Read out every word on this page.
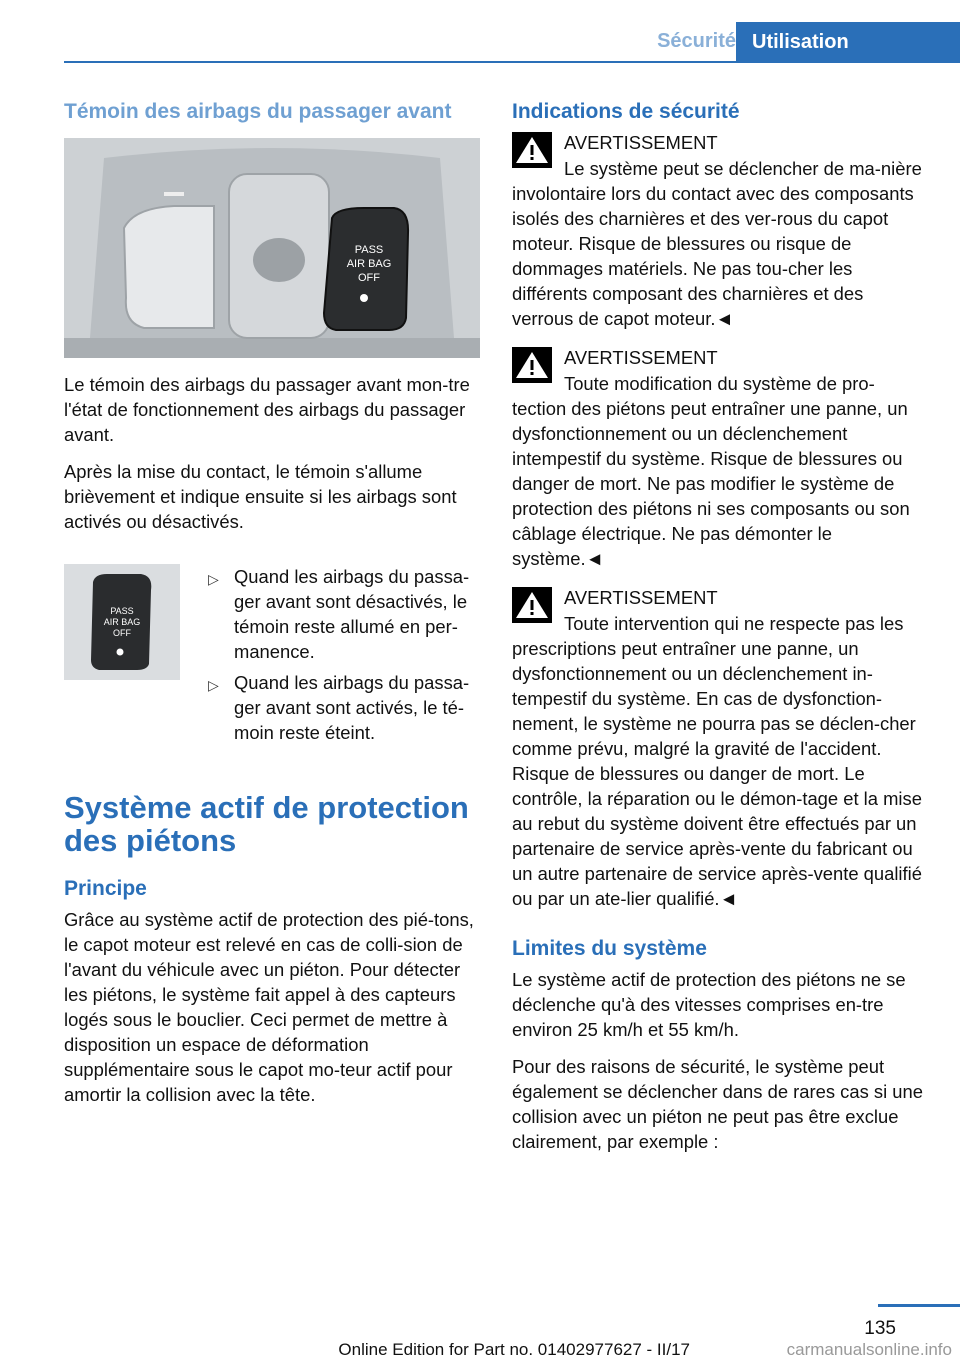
Sécurité Utilisation
Témoin des airbags du passager avant
PASS
AIR BAG
OFF

Le témoin des airbags du passager avant mon-tre l'état de fonctionnement des airbags du passager avant.

Après la mise du contact, le témoin s'allume brièvement et indique ensuite si les airbags sont activés ou désactivés.

PASS
AIR BAG
OFF
▷ Quand les airbags du passa-ger avant sont désactivés, le témoin reste allumé en per-manence.
▷ Quand les airbags du passa-ger avant sont activés, le té-moin reste éteint.
Système actif de protection des piétons
Principe

Grâce au système actif de protection des pié-tons, le capot moteur est relevé en cas de colli-sion de l'avant du véhicule avec un piéton. Pour détecter les piétons, le système fait appel à des capteurs logés sous le bouclier. Ceci permet de mettre à disposition un espace de déformation supplémentaire sous le capot mo-teur actif pour amortir la collision avec la tête.

Indications de sécurité
AVERTISSEMENT

Le système peut se déclencher de ma-nière involontaire lors du contact avec des composants isolés des charnières et des ver-rous du capot moteur. Risque de blessures ou risque de dommages matériels. Ne pas tou-cher les différents composant des charnières et des verrous de capot moteur.◄

AVERTISSEMENT

Toute modification du système de pro-tection des piétons peut entraîner une panne, un dysfonctionnement ou un déclenchement intempestif du système. Risque de blessures ou danger de mort. Ne pas modifier le système de protection des piétons ni ses composants ou son câblage électrique. Ne pas démonter le système.◄

AVERTISSEMENT

Toute intervention qui ne respecte pas les prescriptions peut entraîner une panne, un dysfonctionnement ou un déclenchement in-tempestif du système. En cas de dysfonction-nement, le système ne pourra pas se déclen-cher comme prévu, malgré la gravité de l'accident. Risque de blessures ou danger de mort. Le contrôle, la réparation ou le démon-tage et la mise au rebut du système doivent être effectués par un partenaire de service après-vente du fabricant ou un autre partenaire de service après-vente qualifié ou par un ate-lier qualifié.◄

Limites du système

Le système actif de protection des piétons ne se déclenche qu'à des vitesses comprises en-tre environ 25 km/h et 55 km/h.

Pour des raisons de sécurité, le système peut également se déclencher dans de rares cas si une collision avec un piéton ne peut pas être exclue clairement, par exemple :

135
Online Edition for Part no. 01402977627 - II/17	carmanualsonline.info
